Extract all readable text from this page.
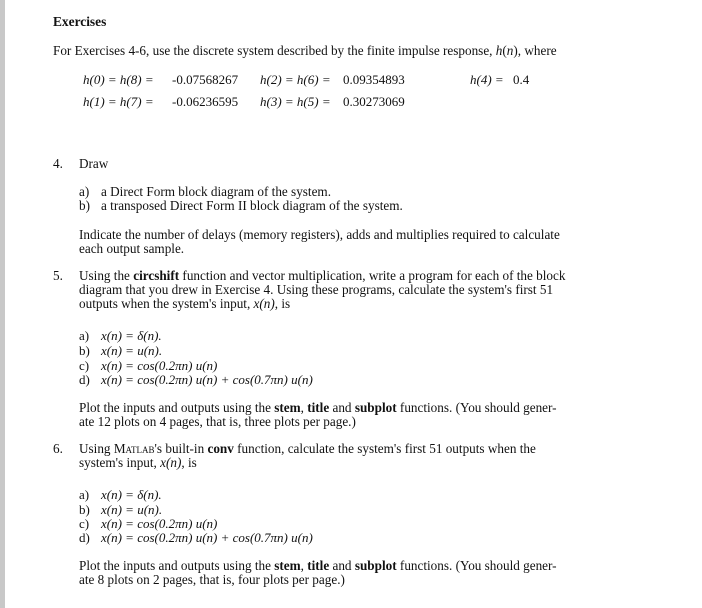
Exercises
For Exercises 4-6, use the discrete system described by the finite impulse response, h(n), where
h(0) = h(8) = -0.07568267
h(1) = h(7) = -0.06236595
h(2) = h(6) = 0.09354893
h(3) = h(5) = 0.30273069
h(4) = 0.4
4. Draw
a) a Direct Form block diagram of the system.
b) a transposed Direct Form II block diagram of the system.
Indicate the number of delays (memory registers), adds and multiplies required to calculate
each output sample.
5. Using the circshift function and vector multiplication, write a program for each of the block
diagram that you drew in Exercise 4. Using these programs, calculate the system's first 51
outputs when the system's input, x(n), is
a) x(n) = δ(n).
b) x(n) = u(n).
c) x(n) = cos(0.2πn) u(n)
d) x(n) = cos(0.2πn) u(n) + cos(0.7πn) u(n)
Plot the inputs and outputs using the stem, title and subplot functions. (You should gener-
ate 12 plots on 4 pages, that is, three plots per page.)
6. Using Matlab's built-in conv function, calculate the system's first 51 outputs when the
system's input, x(n), is
a) x(n) = δ(n).
b) x(n) = u(n).
c) x(n) = cos(0.2πn) u(n)
d) x(n) = cos(0.2πn) u(n) + cos(0.7πn) u(n)
Plot the inputs and outputs using the stem, title and subplot functions. (You should gener-
ate 8 plots on 2 pages, that is, four plots per page.)
